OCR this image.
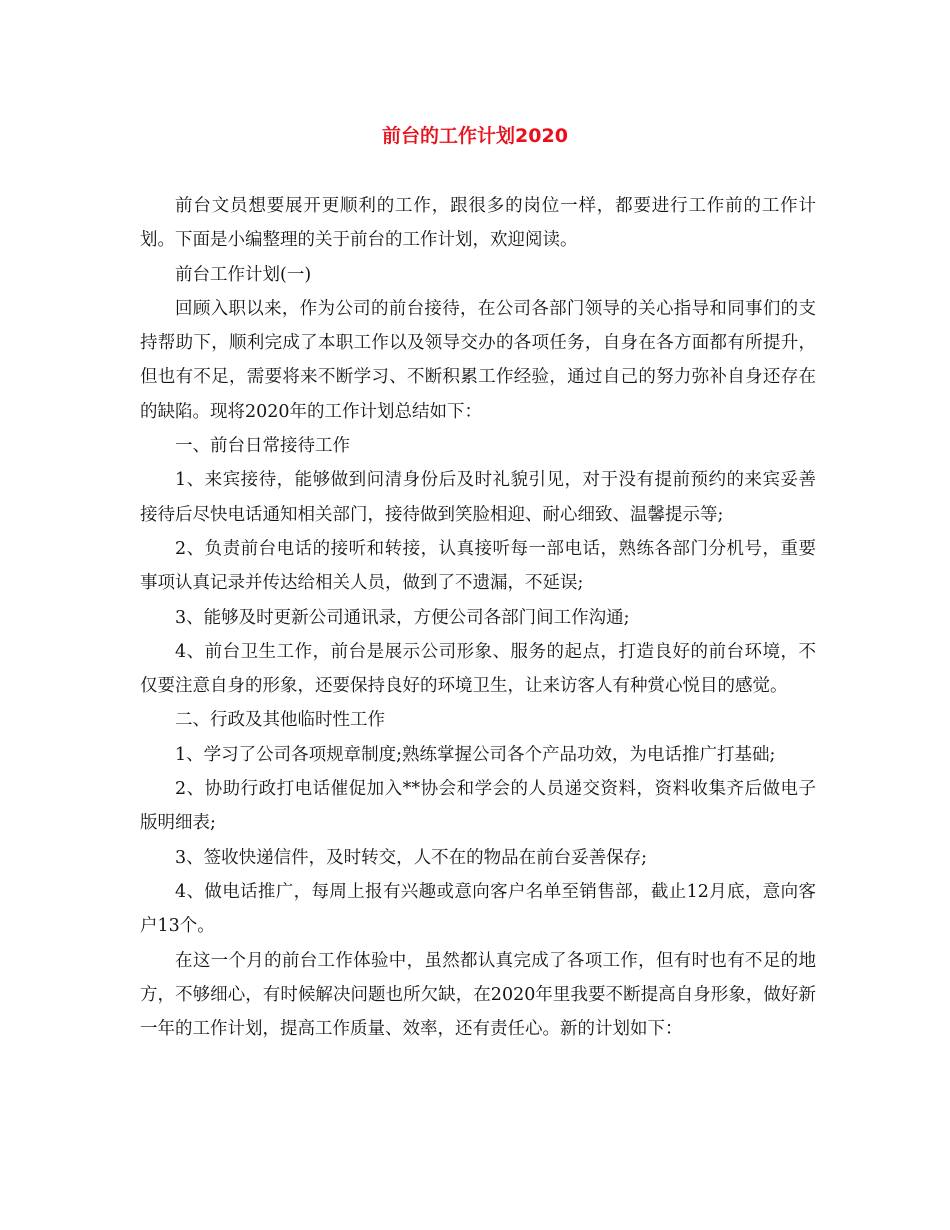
前台的工作计划2020

前台文员想要展开更顺利的工作，跟很多的岗位一样，都要进行工作前的工作计划。下面是小编整理的关于前台的工作计划，欢迎阅读。

前台工作计划(一)

回顾入职以来，作为公司的前台接待，在公司各部门领导的关心指导和同事们的支持帮助下，顺利完成了本职工作以及领导交办的各项任务，自身在各方面都有所提升，但也有不足，需要将来不断学习、不断积累工作经验，通过自己的努力弥补自身还存在的缺陷。现将2020年的工作计划总结如下：

一、前台日常接待工作

1、来宾接待，能够做到问清身份后及时礼貌引见，对于没有提前预约的来宾妥善接待后尽快电话通知相关部门，接待做到笑脸相迎、耐心细致、温馨提示等;

2、负责前台电话的接听和转接，认真接听每一部电话，熟练各部门分机号，重要事项认真记录并传达给相关人员，做到了不遗漏，不延误;

3、能够及时更新公司通讯录，方便公司各部门间工作沟通;

4、前台卫生工作，前台是展示公司形象、服务的起点，打造良好的前台环境，不仅要注意自身的形象，还要保持良好的环境卫生，让来访客人有种赏心悦目的感觉。

二、行政及其他临时性工作

1、学习了公司各项规章制度;熟练掌握公司各个产品功效，为电话推广打基础;

2、协助行政打电话催促加入**协会和学会的人员递交资料，资料收集齐后做电子版明细表;

3、签收快递信件，及时转交，人不在的物品在前台妥善保存;

4、做电话推广，每周上报有兴趣或意向客户名单至销售部，截止12月底，意向客户13个。

在这一个月的前台工作体验中，虽然都认真完成了各项工作，但有时也有不足的地方，不够细心，有时候解决问题也所欠缺，在2020年里我要不断提高自身形象，做好新一年的工作计划，提高工作质量、效率，还有责任心。新的计划如下：
